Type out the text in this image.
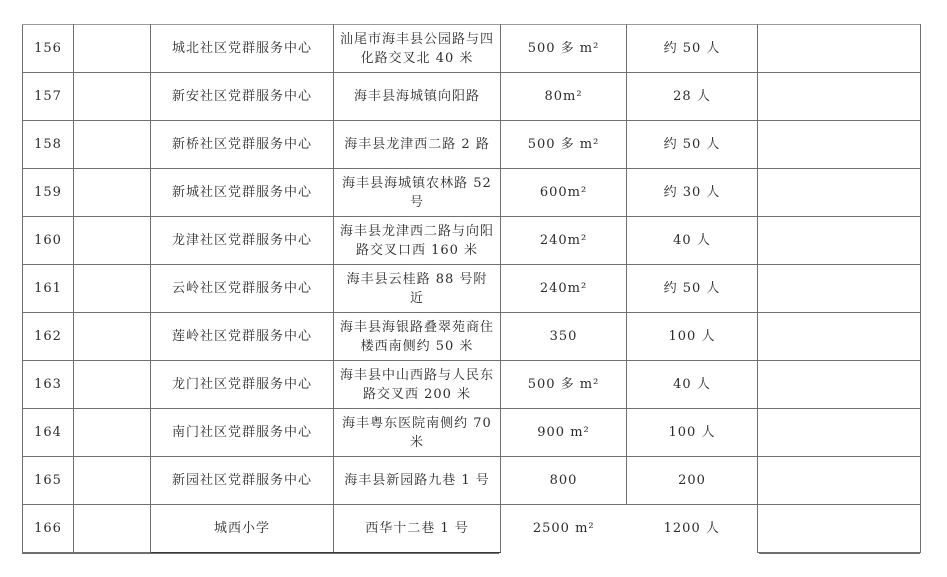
156		城北社区党群服务中心	汕尾市海丰县公园路与四化路交叉北 40 米	500 多 m²	约 50 人	
157		新安社区党群服务中心	海丰县海城镇向阳路	80m²	28 人	
158		新桥社区党群服务中心	海丰县龙津西二路 2 路	500 多 m²	约 50 人	
159		新城社区党群服务中心	海丰县海城镇农林路 52 号	600m²	约 30 人	
160		龙津社区党群服务中心	海丰县龙津西二路与向阳路交叉口西 160 米	240m²	40 人	
161		云岭社区党群服务中心	海丰县云桂路 88 号附近	240m²	约 50 人	
162		莲岭社区党群服务中心	海丰县海银路叠翠苑商住楼西南侧约 50 米	350	100 人	
163		龙门社区党群服务中心	海丰县中山西路与人民东路交叉西 200 米	500 多 m²	40 人	
164		南门社区党群服务中心	海丰粤东医院南侧约 70 米	900 m²	100 人	
165		新园社区党群服务中心	海丰县新园路九巷 1 号	800	200	
166		城西小学	西华十二巷 1 号	2500 m²	1200 人	
